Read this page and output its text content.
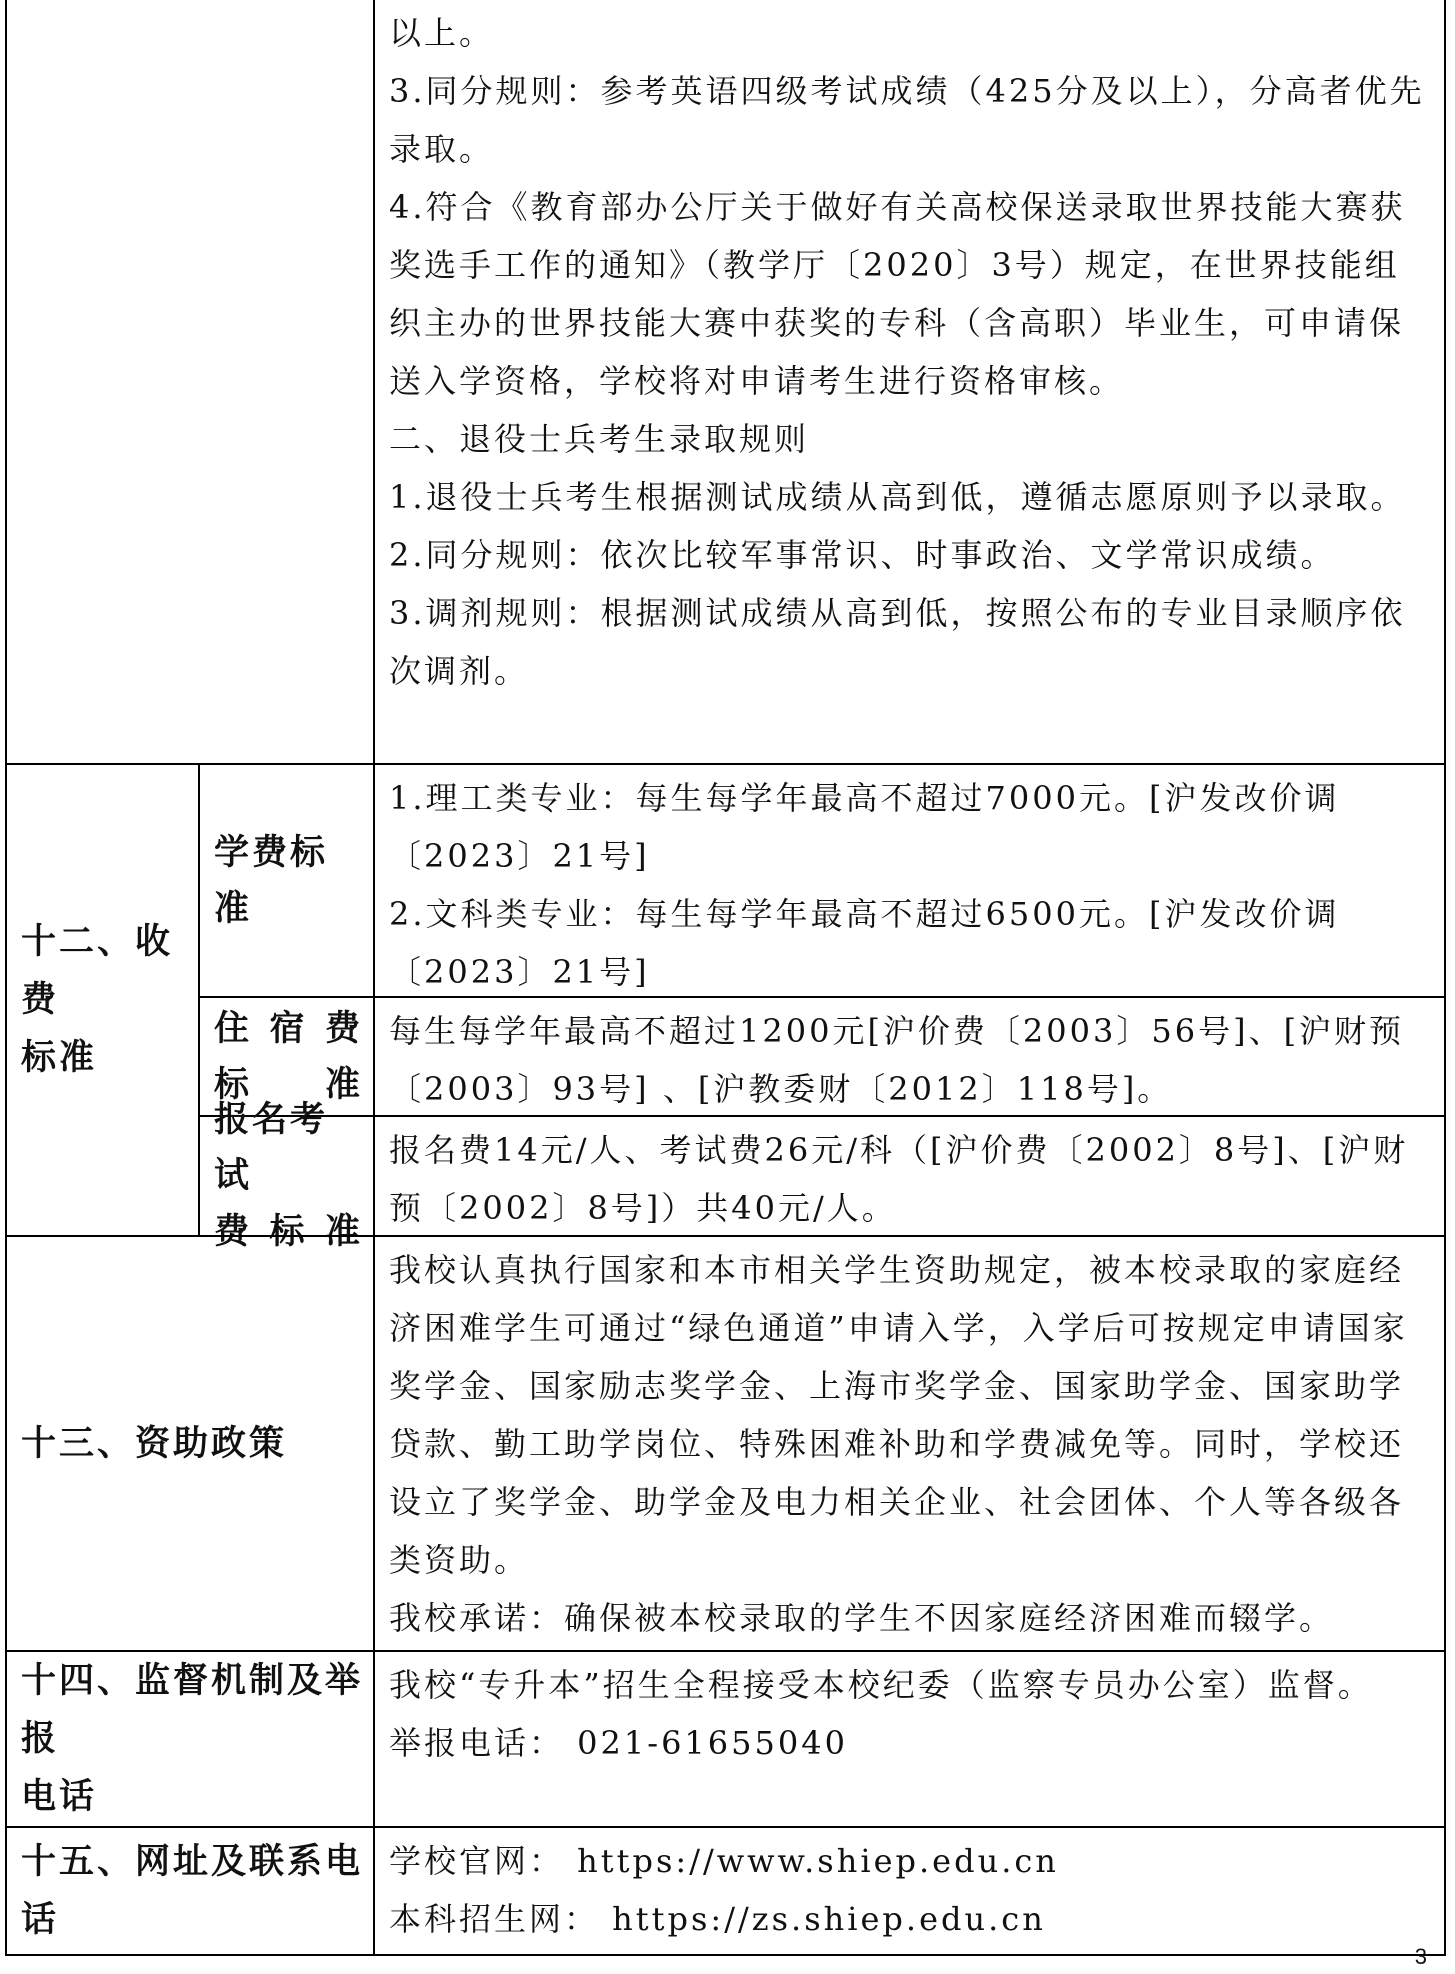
以上。

3.同分规则：参考英语四级考试成绩（425分及以上），分高者优先录取。

4.符合《教育部办公厅关于做好有关高校保送录取世界技能大赛获奖选手工作的通知》（教学厅〔2020〕3号）规定，在世界技能组织主办的世界技能大赛中获奖的专科（含高职）毕业生，可申请保送入学资格，学校将对申请考生进行资格审核。

二、退役士兵考生录取规则

1.退役士兵考生根据测试成绩从高到低，遵循志愿原则予以录取。

2.同分规则：依次比较军事常识、时事政治、文学常识成绩。

3.调剂规则：根据测试成绩从高到低，按照公布的专业目录顺序依次调剂。

十二、收费
标准
学费标准

1.理工类专业：每生每学年最高不超过7000元。[沪发改价调〔2023〕21号]

2.文科类专业：每生每学年最高不超过6500元。[沪发改价调〔2023〕21号]

住 宿 费
标 准

每生每学年最高不超过1200元[沪价费〔2003〕56号]、[沪财预〔2003〕93号] 、[沪教委财〔2012〕118号]。

报名考试
费 标 准

报名费14元/人、考试费26元/科（[沪价费〔2002〕8号]、[沪财预〔2002〕8号]）共40元/人。

十三、资助政策

我校认真执行国家和本市相关学生资助规定，被本校录取的家庭经济困难学生可通过“绿色通道”申请入学，入学后可按规定申请国家奖学金、国家励志奖学金、上海市奖学金、国家助学金、国家助学贷款、勤工助学岗位、特殊困难补助和学费减免等。同时，学校还设立了奖学金、助学金及电力相关企业、社会团体、个人等各级各类资助。

我校承诺：确保被本校录取的学生不因家庭经济困难而辍学。

十四、监督机制及举报
电话

我校“专升本”招生全程接受本校纪委（监察专员办公室）监督。

举报电话： 021-61655040

十五、网址及联系电话

学校官网： https://www.shiep.edu.cn

本科招生网： https://zs.shiep.edu.cn

3
